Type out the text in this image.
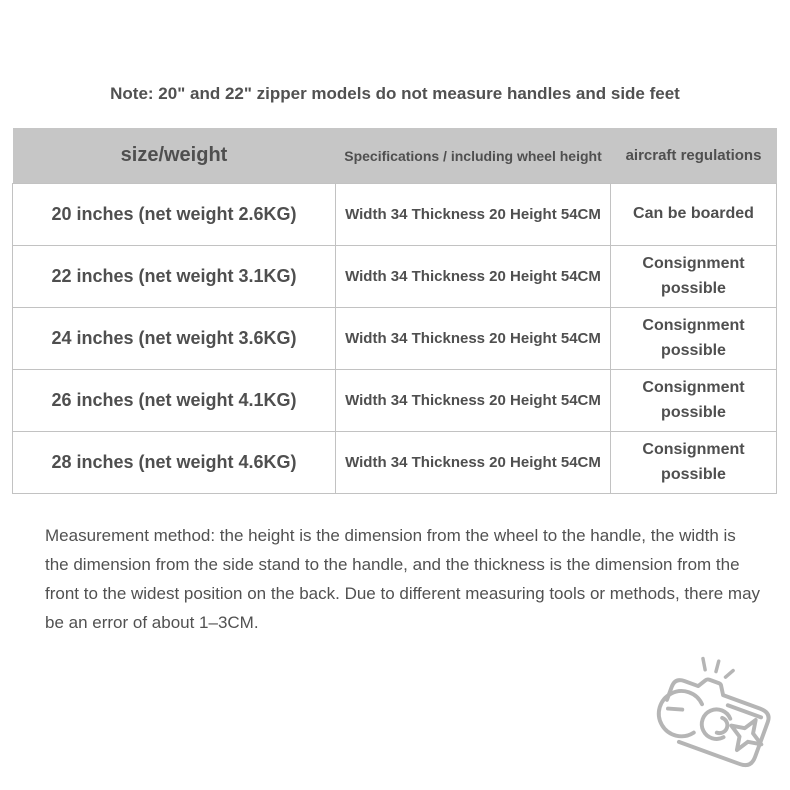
Note: 20" and 22" zipper models do not measure handles and side feet

size/weight	Specifications / including wheel height	aircraft regulations
20 inches (net weight 2.6KG)	Width 34 Thickness 20 Height 54CM	Can be boarded
22 inches (net weight 3.1KG)	Width 34 Thickness 20 Height 54CM	Consignment possible
24 inches (net weight 3.6KG)	Width 34 Thickness 20 Height 54CM	Consignment possible
26 inches (net weight 4.1KG)	Width 34 Thickness 20 Height 54CM	Consignment possible
28 inches (net weight 4.6KG)	Width 34 Thickness 20 Height 54CM	Consignment possible

Measurement method: the height is the dimension from the wheel to the handle, the width is the dimension from the side stand to the handle, and the thickness is the dimension from the front to the widest position on the back. Due to different measuring tools or methods, there may be an error of about 1–3CM.
